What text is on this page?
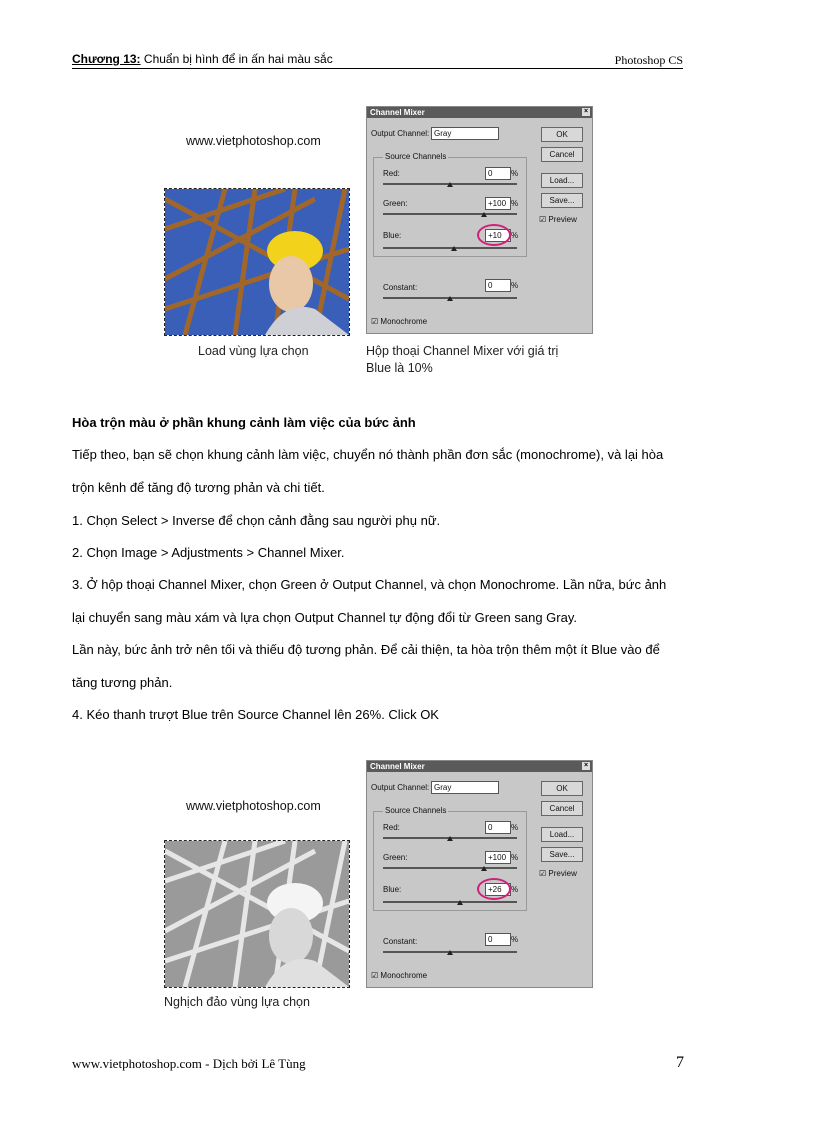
Chương 13: Chuẩn bị hình để in ấn hai màu sắc	Photoshop CS
www.vietphotoshop.com
Load vùng lựa chọn
Channel Mixer	×
Output Channel: Gray	OK
Cancel
Load...
Save...
☑ Preview
Source Channels
Red:	0	%
Green:	+100 %
Blue:	+10	%
Constant:	0	%
☑ Monochrome
Hộp thoại Channel Mixer với giá trị
Blue là 10%
Hòa trộn màu ở phần khung cảnh làm việc của bức ảnh
Tiếp theo, bạn sẽ chọn khung cảnh làm việc, chuyển nó thành phần đơn sắc (monochrome), và lại hòa
trộn kênh để tăng độ tương phản và chi tiết.
1. Chọn Select > Inverse để chọn cảnh đằng sau người phụ nữ.
2. Chọn Image > Adjustments > Channel Mixer.
3. Ở hộp thoại Channel Mixer, chọn Green ở Output Channel, và chọn Monochrome. Lần nữa, bức ảnh
lại chuyển sang màu xám và lựa chọn Output Channel tự động đổi từ Green sang Gray.
Lần này, bức ảnh trở nên tối và thiếu độ tương phản. Để cải thiện, ta hòa trộn thêm một ít Blue vào để
tăng tương phản.
4. Kéo thanh trượt Blue trên Source Channel lên 26%. Click OK
www.vietphotoshop.com
Nghịch đảo vùng lựa chọn
Channel Mixer	×
Output Channel: Gray	OK
Cancel
Load...
Save...
☑ Preview
Source Channels
Red:	0	%
Green:	+100 %
Blue:	+26	%
Constant:	0	%
☑ Monochrome
www.vietphotoshop.com - Dịch bởi Lê Tùng	7
